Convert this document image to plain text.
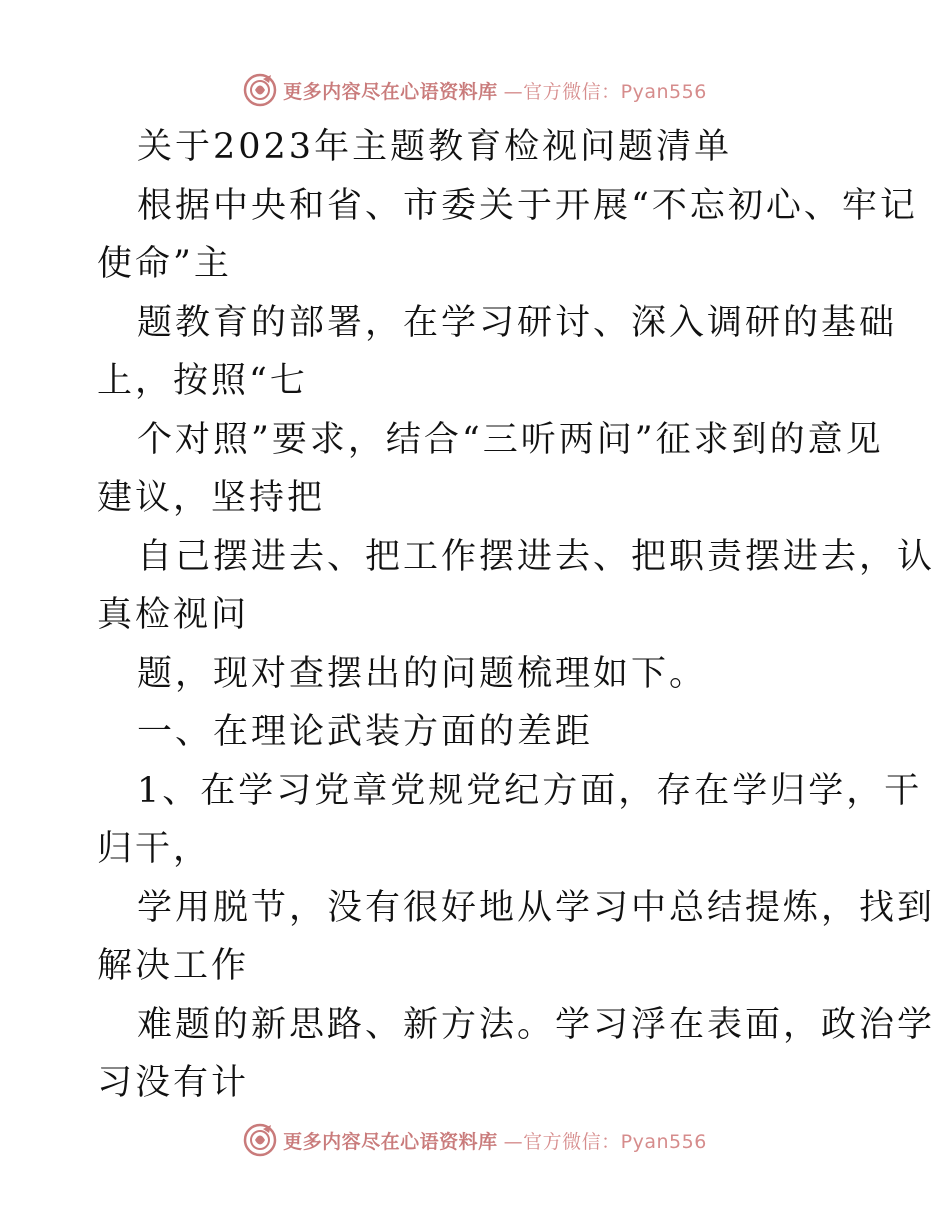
更多内容尽在心语资料库 —官方微信：Pyan556
关于2023年主题教育检视问题清单
根据中央和省、市委关于开展“不忘初心、牢记
使命”主
题教育的部署，在学习研讨、深入调研的基础
上，按照“七
个对照”要求，结合“三听两问”征求到的意见
建议，坚持把
自己摆进去、把工作摆进去、把职责摆进去，认
真检视问
题，现对查摆出的问题梳理如下。
一、在理论武装方面的差距
1、在学习党章党规党纪方面，存在学归学，干
归干，
学用脱节，没有很好地从学习中总结提炼，找到
解决工作
难题的新思路、新方法。学习浮在表面，政治学
习没有计
更多内容尽在心语资料库 —官方微信：Pyan556
